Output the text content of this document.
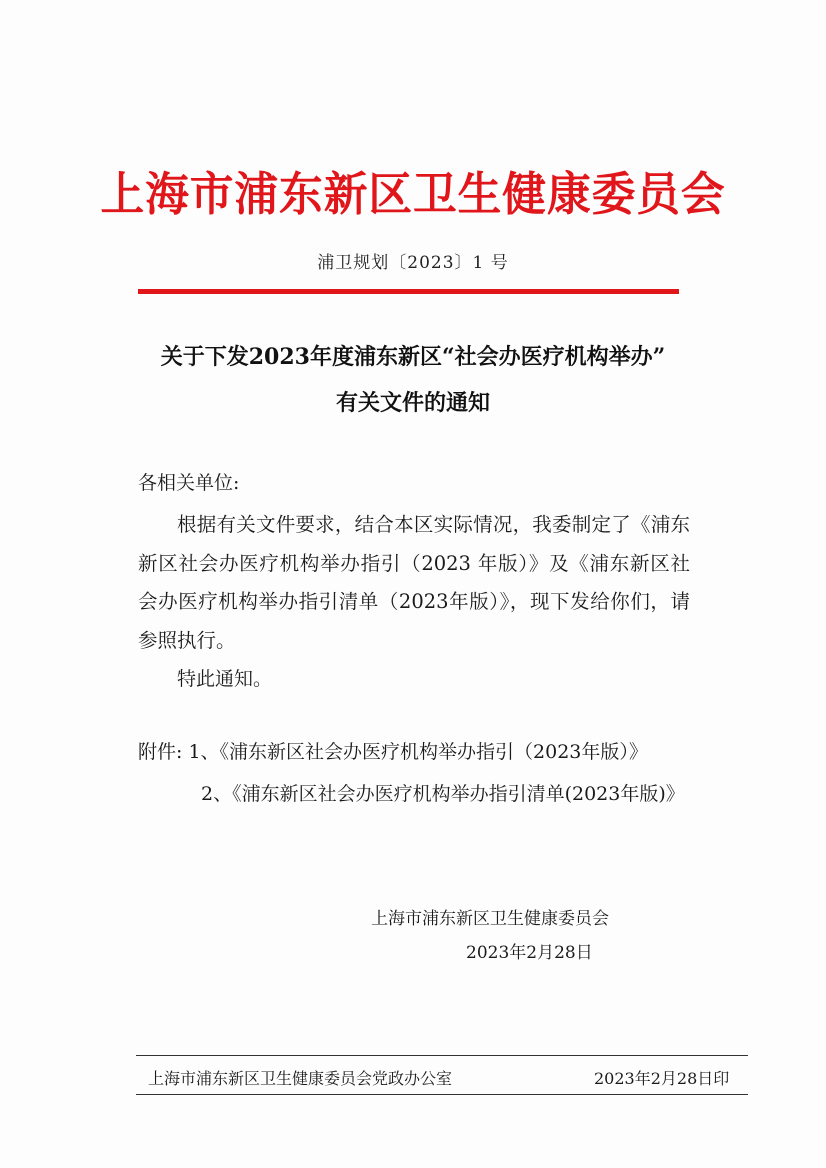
上海市浦东新区卫生健康委员会
浦卫规划〔2023〕1 号
关于下发2023年度浦东新区“社会办医疗机构举办”
有关文件的通知
各相关单位:

根据有关文件要求，结合本区实际情况，我委制定了《浦东新区社会办医疗机构举办指引（2023 年版）》及《浦东新区社会办医疗机构举办指引清单（2023年版）》，现下发给你们，请参照执行。

特此通知。
附件: 1、《浦东新区社会办医疗机构举办指引（2023年版）》
2、《浦东新区社会办医疗机构举办指引清单(2023年版)》
上海市浦东新区卫生健康委员会
2023年2月28日
上海市浦东新区卫生健康委员会党政办公室	2023年2月28日印
